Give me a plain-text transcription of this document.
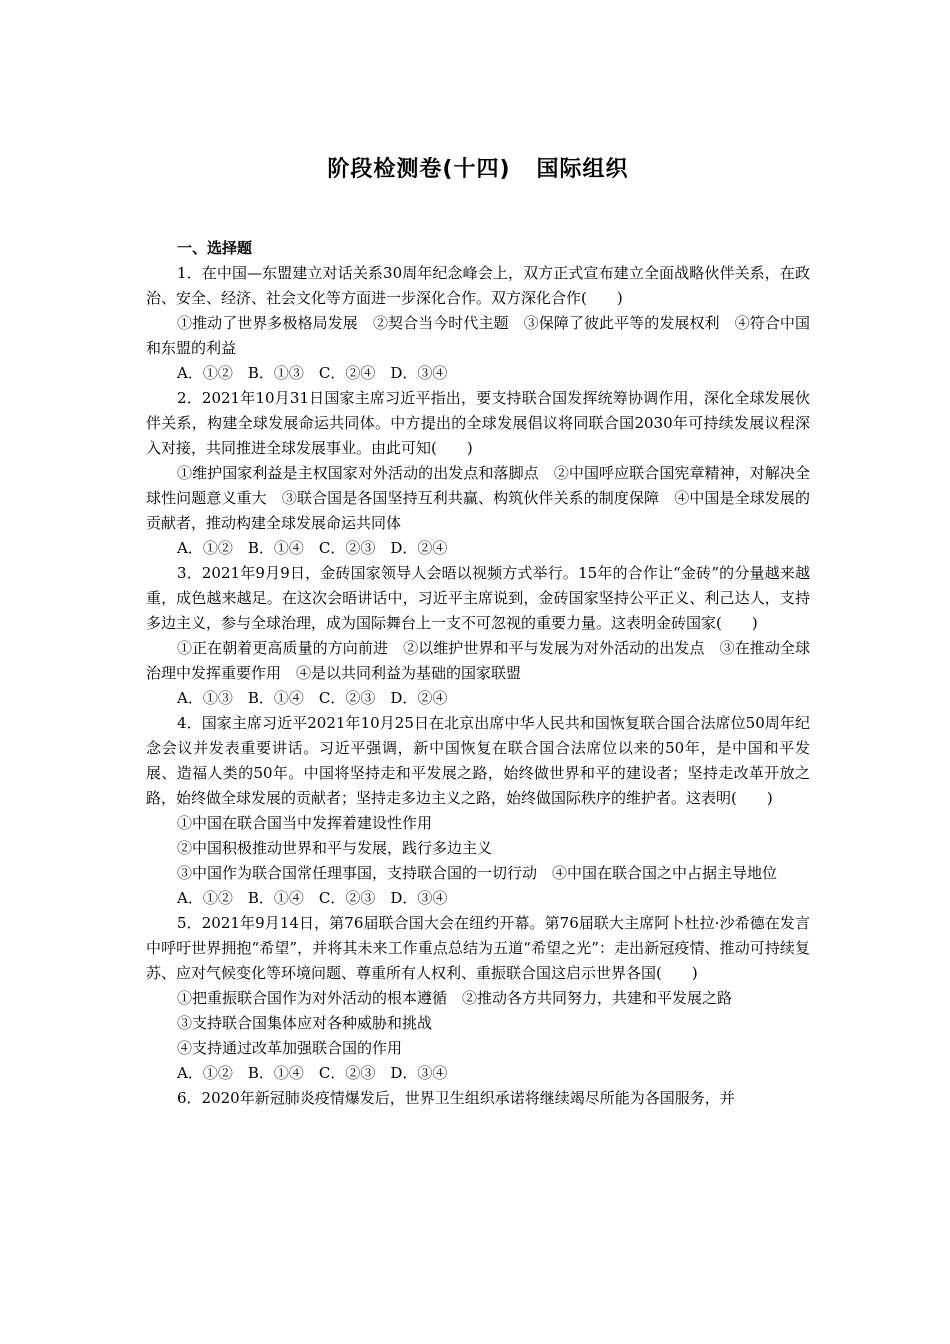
阶段检测卷(十四) 国际组织

一、选择题

1．在中国—东盟建立对话关系30周年纪念峰会上，双方正式宣布建立全面战略伙伴关系，在政治、安全、经济、社会文化等方面进一步深化合作。双方深化合作(　　)

①推动了世界多极格局发展　②契合当今时代主题　③保障了彼此平等的发展权利　④符合中国和东盟的利益

A．①②　B．①③　C．②④　D．③④

2．2021年10月31日国家主席习近平指出，要支持联合国发挥统筹协调作用，深化全球发展伙伴关系，构建全球发展命运共同体。中方提出的全球发展倡议将同联合国2030年可持续发展议程深入对接，共同推进全球发展事业。由此可知(　　)

①维护国家利益是主权国家对外活动的出发点和落脚点　②中国呼应联合国宪章精神，对解决全球性问题意义重大　③联合国是各国坚持互利共赢、构筑伙伴关系的制度保障　④中国是全球发展的贡献者，推动构建全球发展命运共同体

A．①②　B．①④　C．②③　D．②④

3．2021年9月9日，金砖国家领导人会晤以视频方式举行。15年的合作让“金砖”的分量越来越重，成色越来越足。在这次会晤讲话中，习近平主席说到，金砖国家坚持公平正义、利己达人，支持多边主义，参与全球治理，成为国际舞台上一支不可忽视的重要力量。这表明金砖国家(　　)

①正在朝着更高质量的方向前进　②以维护世界和平与发展为对外活动的出发点　③在推动全球治理中发挥重要作用　④是以共同利益为基础的国家联盟

A．①③　B．①④　C．②③　D．②④

4．国家主席习近平2021年10月25日在北京出席中华人民共和国恢复联合国合法席位50周年纪念会议并发表重要讲话。习近平强调，新中国恢复在联合国合法席位以来的50年，是中国和平发展、造福人类的50年。中国将坚持走和平发展之路，始终做世界和平的建设者；坚持走改革开放之路，始终做全球发展的贡献者；坚持走多边主义之路，始终做国际秩序的维护者。这表明(　　)

①中国在联合国当中发挥着建设性作用

②中国积极推动世界和平与发展，践行多边主义

③中国作为联合国常任理事国，支持联合国的一切行动　④中国在联合国之中占据主导地位

A．①②　B．①④　C．②③　D．③④

5．2021年9月14日，第76届联合国大会在纽约开幕。第76届联大主席阿卜杜拉·沙希德在发言中呼吁世界拥抱“希望”，并将其未来工作重点总结为五道“希望之光”：走出新冠疫情、推动可持续复苏、应对气候变化等环境问题、尊重所有人权利、重振联合国这启示世界各国(　　)

①把重振联合国作为对外活动的根本遵循　②推动各方共同努力，共建和平发展之路

③支持联合国集体应对各种威胁和挑战

④支持通过改革加强联合国的作用

A．①②　B．①④　C．②③　D．③④

6．2020年新冠肺炎疫情爆发后，世界卫生组织承诺将继续竭尽所能为各国服务，并
